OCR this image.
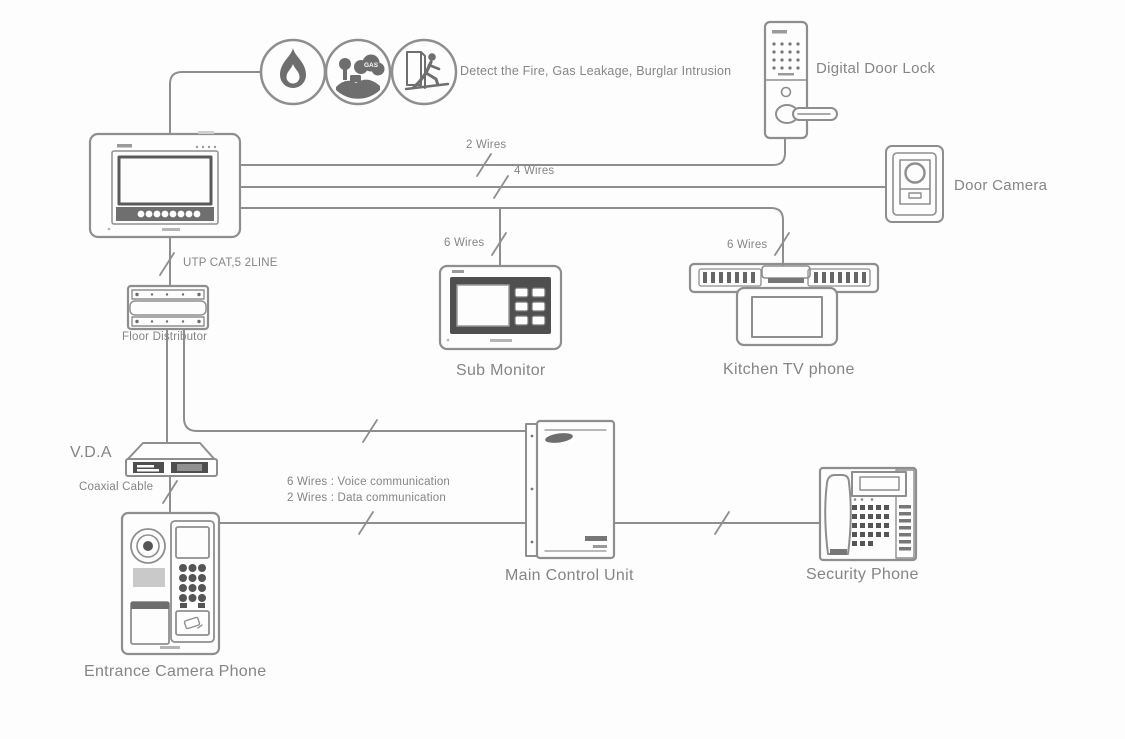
GAS	Detect the Fire, Gas Leakage, Burglar Intrusion	Digital Door Lock
Door Camera
2 Wires
4 Wires
6 Wires	6 Wires
UTP CAT,5 2LINE
Floor Distributor
Sub Monitor	Kitchen TV phone
V.D.A
Coaxial Cable	6 Wires : Voice communication
2 Wires : Data communication
Entrance Camera Phone
Main Control Unit	Security Phone
